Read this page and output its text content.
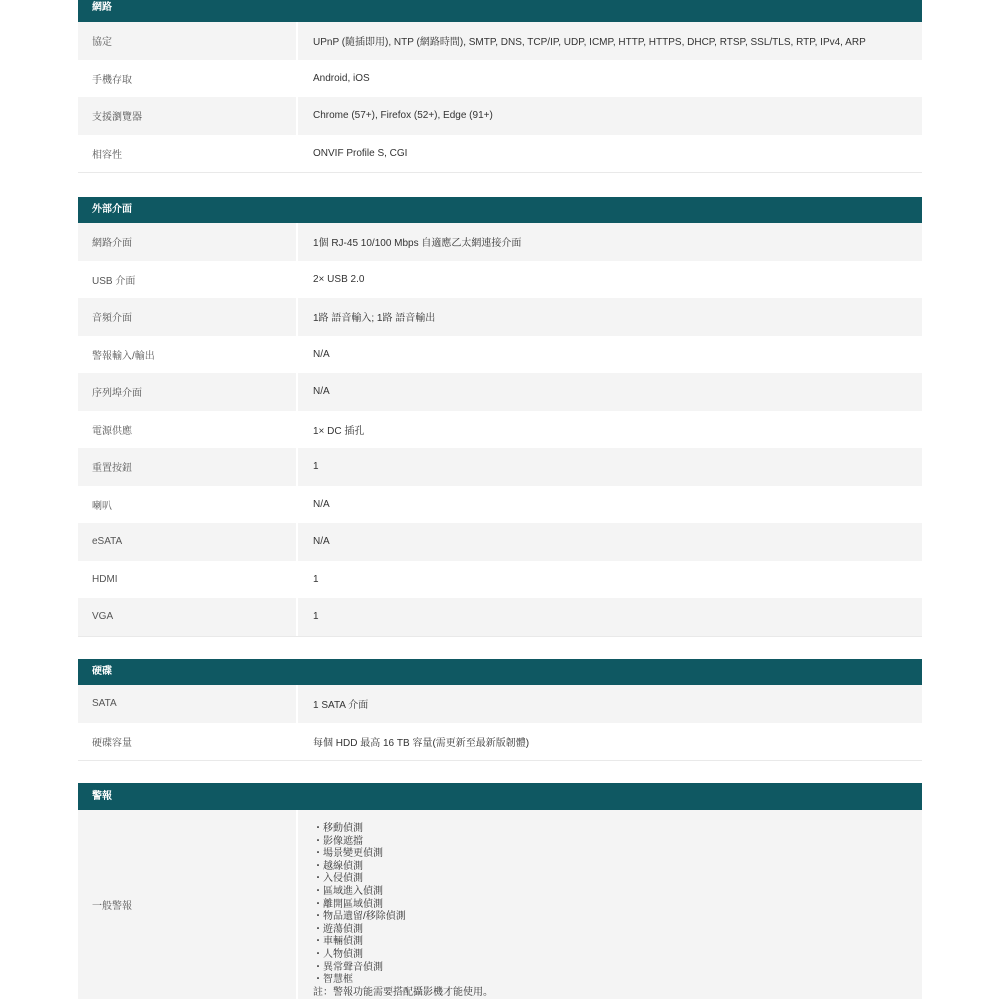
網路
協定	UPnP (隨插即用), NTP (網路時間), SMTP, DNS, TCP/IP, UDP, ICMP, HTTP, HTTPS, DHCP, RTSP, SSL/TLS, RTP, IPv4, ARP
手機存取	Android, iOS
支援瀏覽器	Chrome (57+), Firefox (52+), Edge (91+)
相容性	ONVIF Profile S, CGI
外部介面
網路介面	1個 RJ-45 10/100 Mbps 自適應乙太網連接介面
USB 介面	2× USB 2.0
音頻介面	1路 語音輸入; 1路 語音輸出
警報輸入/輸出	N/A
序列埠介面	N/A
電源供應	1× DC 插孔
重置按鈕	1
喇叭	N/A
eSATA	N/A
HDMI	1
VGA	1
硬碟
SATA	1 SATA 介面
硬碟容量	每個 HDD 最高 16 TB 容量(需更新至最新版韌體)
警報
一般警報
・移動偵測
・影像遮擋
・場景變更偵測
・越線偵測
・入侵偵測
・區域進入偵測
・離開區域偵測
・物品遺留/移除偵測
・遊蕩偵測
・車輛偵測
・人物偵測
・異常聲音偵測
・智慧框
註：警報功能需要搭配攝影機才能使用。
